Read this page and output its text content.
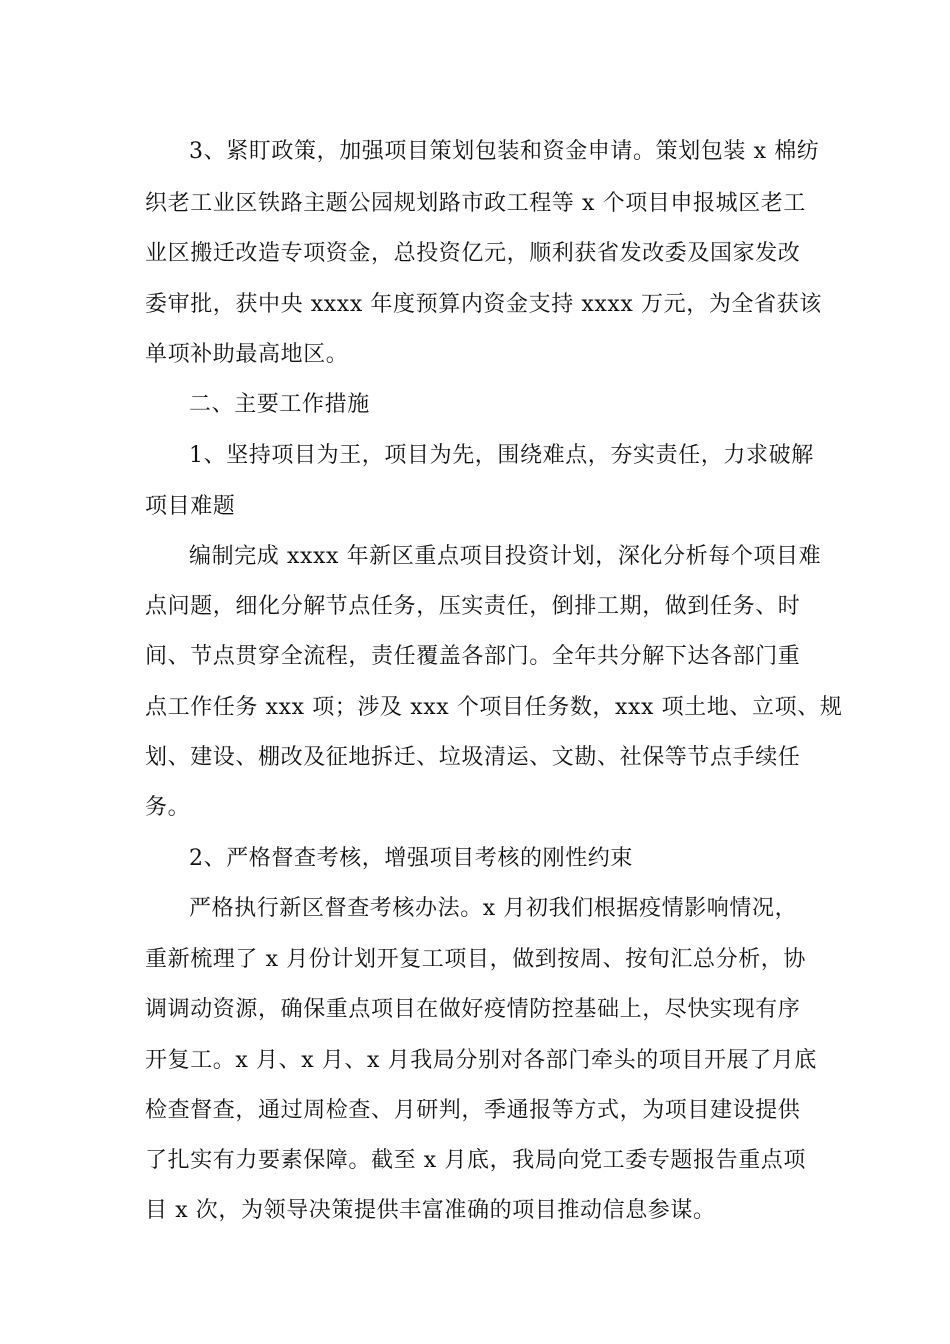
3、紧盯政策，加强项目策划包装和资金申请。策划包装 x 棉纺
织老工业区铁路主题公园规划路市政工程等 x 个项目申报城区老工
业区搬迁改造专项资金，总投资亿元，顺利获省发改委及国家发改
委审批，获中央 xxxx 年度预算内资金支持 xxxx 万元，为全省获该
单项补助最高地区。
二、主要工作措施
1、坚持项目为王，项目为先，围绕难点，夯实责任，力求破解
项目难题
编制完成 xxxx 年新区重点项目投资计划，深化分析每个项目难
点问题，细化分解节点任务，压实责任，倒排工期，做到任务、时
间、节点贯穿全流程，责任覆盖各部门。全年共分解下达各部门重
点工作任务 xxx 项；涉及 xxx 个项目任务数，xxx 项土地、立项、规
划、建设、棚改及征地拆迁、垃圾清运、文勘、社保等节点手续任
务。
2、严格督查考核，增强项目考核的刚性约束
严格执行新区督查考核办法。x 月初我们根据疫情影响情况，
重新梳理了 x 月份计划开复工项目，做到按周、按旬汇总分析，协
调调动资源，确保重点项目在做好疫情防控基础上，尽快实现有序
开复工。x 月、x 月、x 月我局分别对各部门牵头的项目开展了月底
检查督查，通过周检查、月研判，季通报等方式，为项目建设提供
了扎实有力要素保障。截至 x 月底，我局向党工委专题报告重点项
目 x 次，为领导决策提供丰富准确的项目推动信息参谋。
